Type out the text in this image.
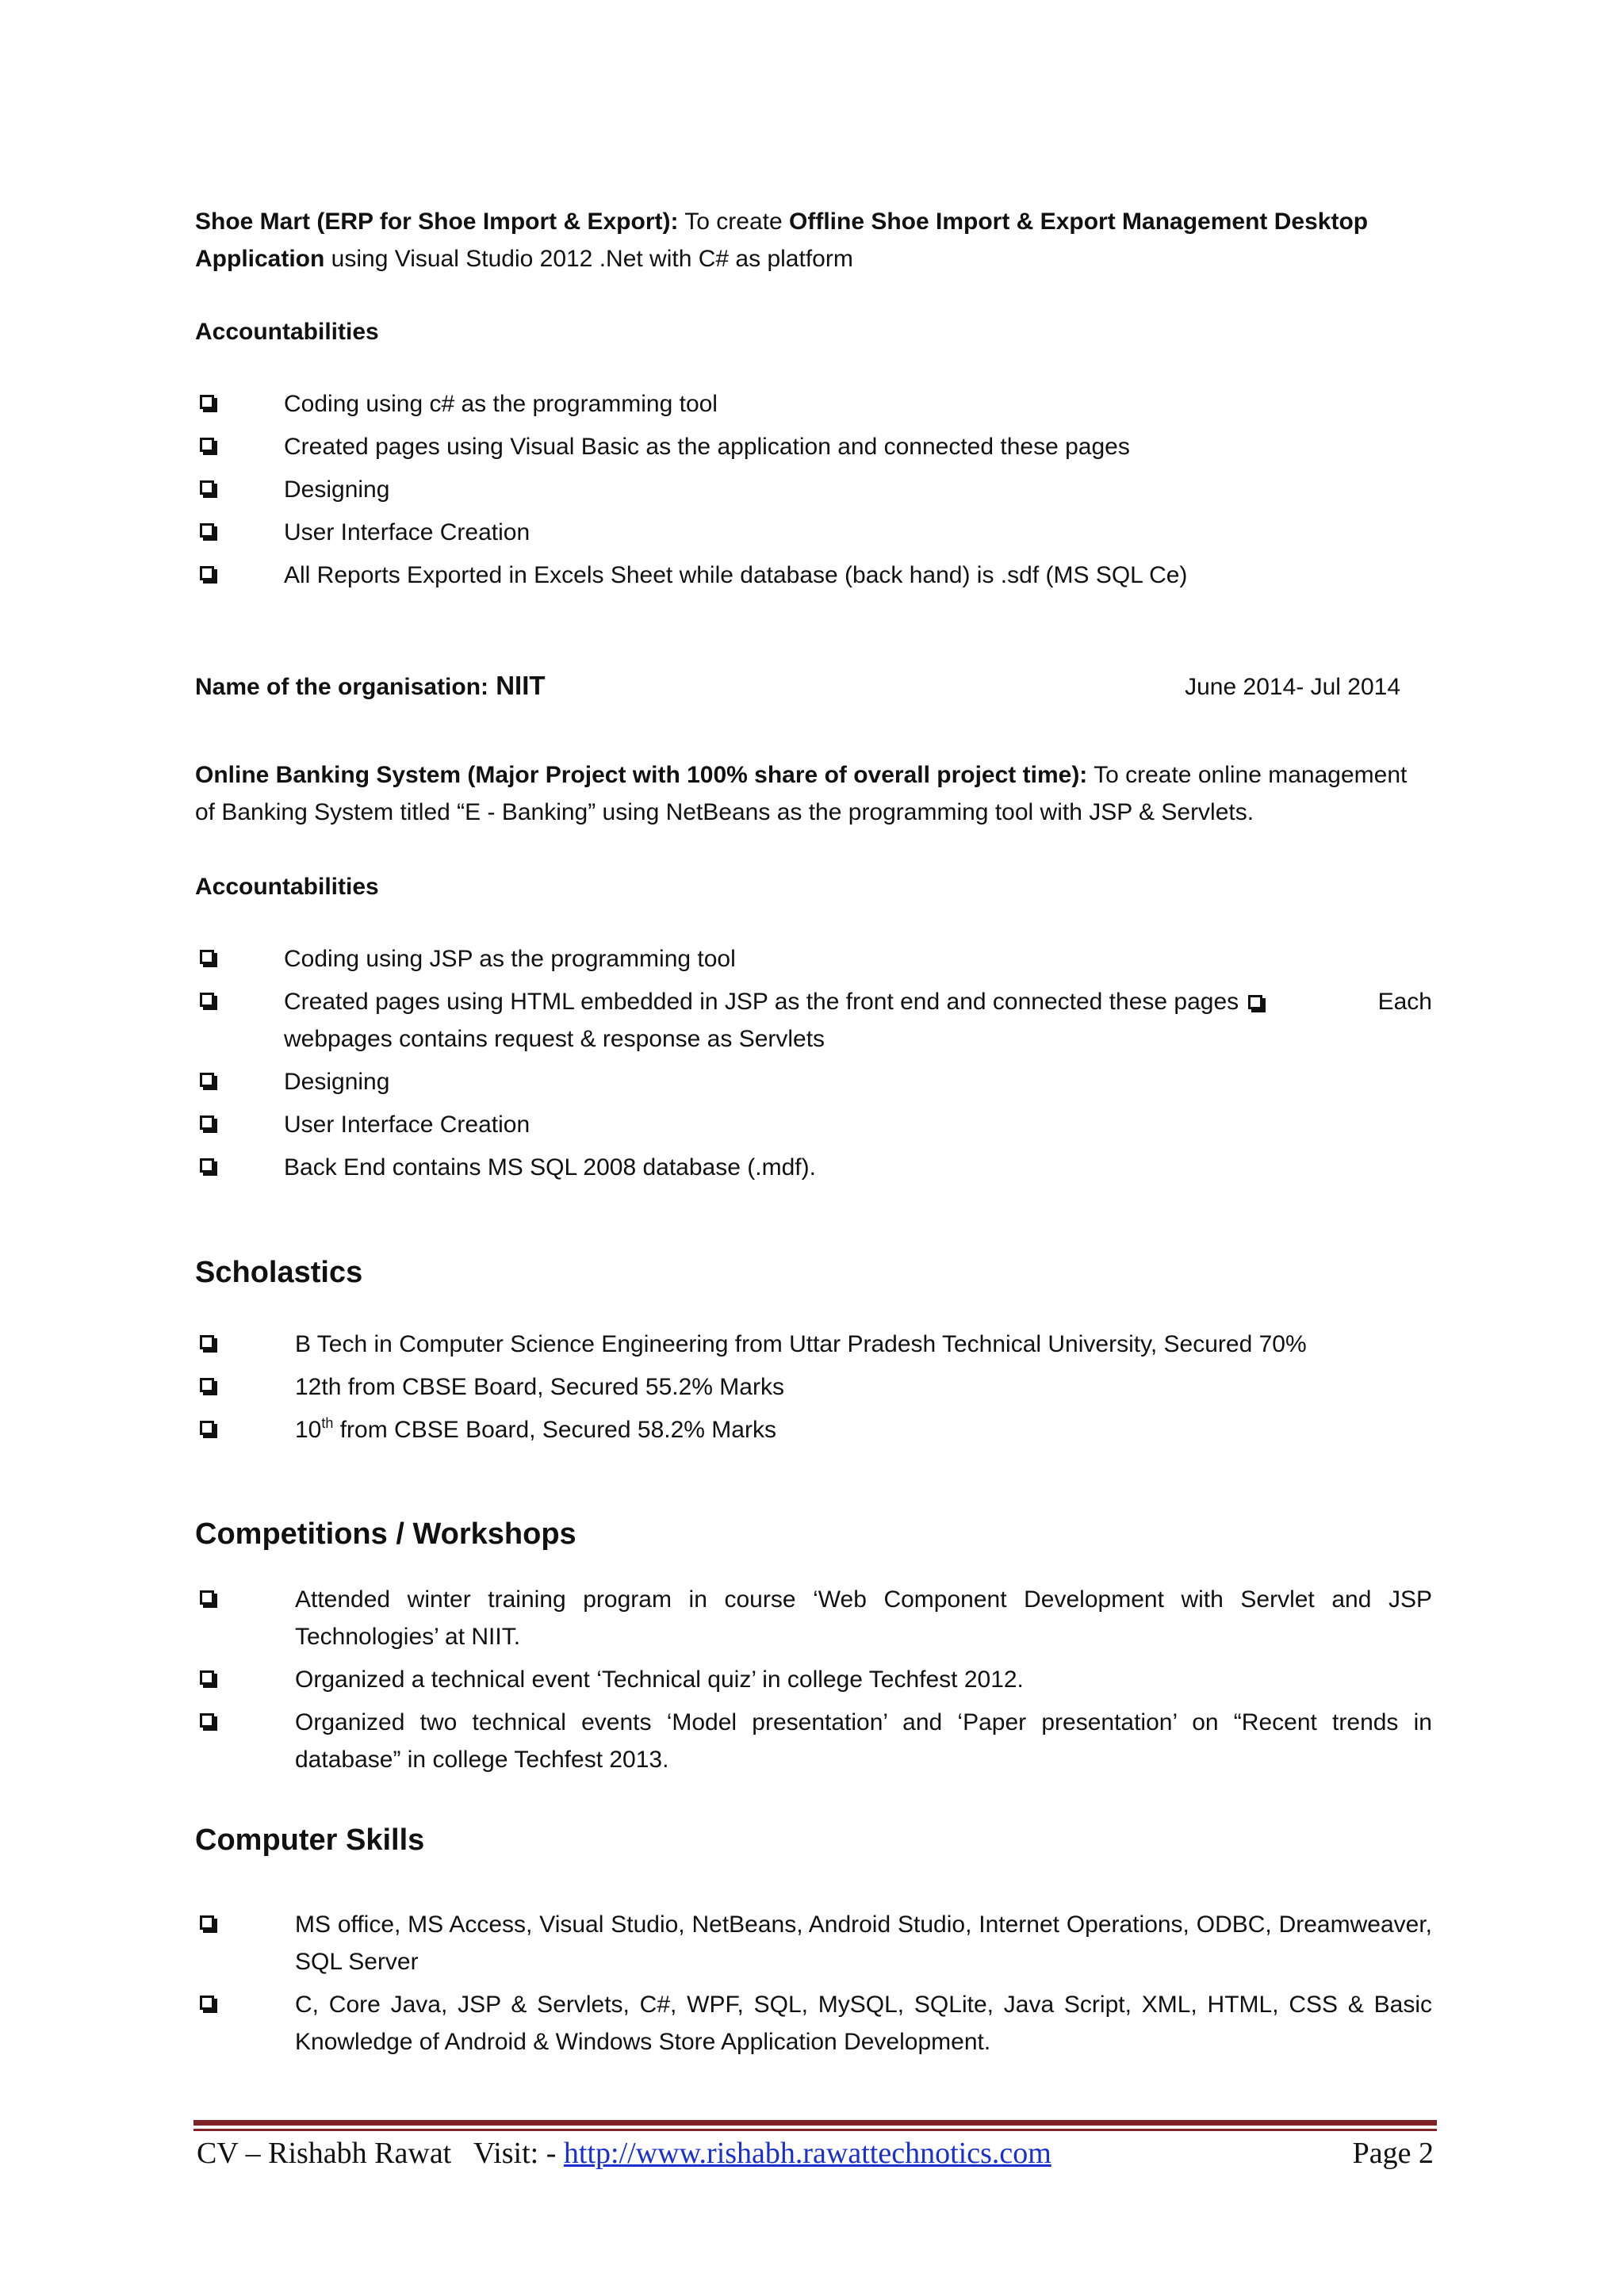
Shoe Mart (ERP for Shoe Import & Export): To create Offline Shoe Import & Export Management Desktop Application using Visual Studio 2012 .Net with C# as platform
Accountabilities
Coding using c# as the programming tool
Created pages using Visual Basic as the application and connected these pages
Designing
User Interface Creation
All Reports Exported in Excels Sheet while database (back hand) is .sdf (MS SQL Ce)
Name of the organisation: NIIT	June 2014- Jul 2014
Online Banking System (Major Project with 100% share of overall project time): To create online management of Banking System titled “E - Banking” using NetBeans as the programming tool with JSP & Servlets.
Accountabilities
Coding using JSP as the programming tool
Created pages using HTML embedded in JSP as the front end and connected these pages	Each

webpages contains request & response as Servlets
Designing
User Interface Creation
Back End contains MS SQL 2008 database (.mdf).
Scholastics
B Tech in Computer Science Engineering from Uttar Pradesh Technical University, Secured 70%
12th from CBSE Board, Secured 55.2% Marks
10th from CBSE Board, Secured 58.2% Marks
Competitions / Workshops
Attended winter training program in course ‘Web Component Development with Servlet and JSP Technologies’ at NIIT.
Organized a technical event ‘Technical quiz’ in college Techfest 2012.
Organized two technical events ‘Model presentation’ and ‘Paper presentation’ on “Recent trends in database” in college Techfest 2013.
Computer Skills
MS office, MS Access, Visual Studio, NetBeans, Android Studio, Internet Operations, ODBC, Dreamweaver, SQL Server
C, Core Java, JSP & Servlets, C#, WPF, SQL, MySQL, SQLite, Java Script, XML, HTML, CSS & Basic Knowledge of Android & Windows Store Application Development.
CV – Rishabh Rawat   Visit: - http://www.rishabh.rawattechnotics.com	Page 2
